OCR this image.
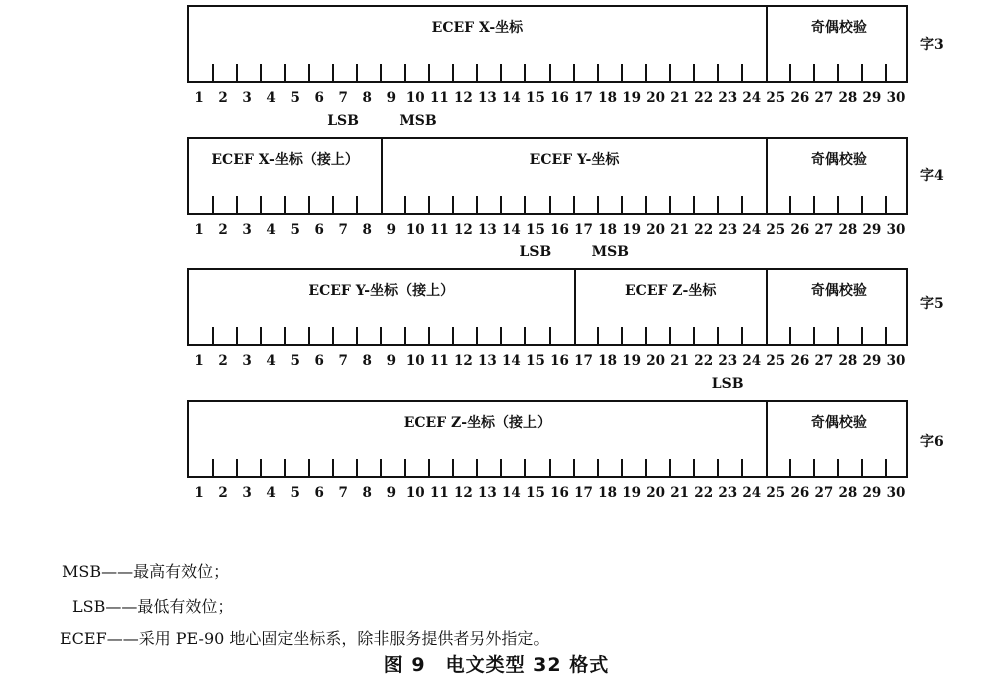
ECEF X-坐标	奇偶校验
1	2	3	4	5	6	7	8	9 10 11 12 13 14 15 16 17 18 19 20 21 22 23 24 25 26 27 28 29 30
字3
ECEF X-坐标（接上）	ECEF Y-坐标	奇偶校验
1	2	3	4	5	6	7	8	9 10 11 12 13 14 15 16 17 18 19 20 21 22 23 24 25 26 27 28 29 30
字4
ECEF Y-坐标（接上）	ECEF Z-坐标	奇偶校验
1	2	3	4	5	6	7	8	9 10 11 12 13 14 15 16 17 18 19 20 21 22 23 24 25 26 27 28 29 30
字5
ECEF Z-坐标（接上）	奇偶校验
1	2	3	4	5	6	7	8	9 10 11 12 13 14 15 16 17 18 19 20 21 22 23 24 25 26 27 28 29 30
字6
LSB	MSB
LSB	MSB
LSB
MSB——最高有效位；
LSB——最低有效位；
ECEF——采用 PE-90 地心固定坐标系，除非服务提供者另外指定。
图 9　电文类型 32 格式
